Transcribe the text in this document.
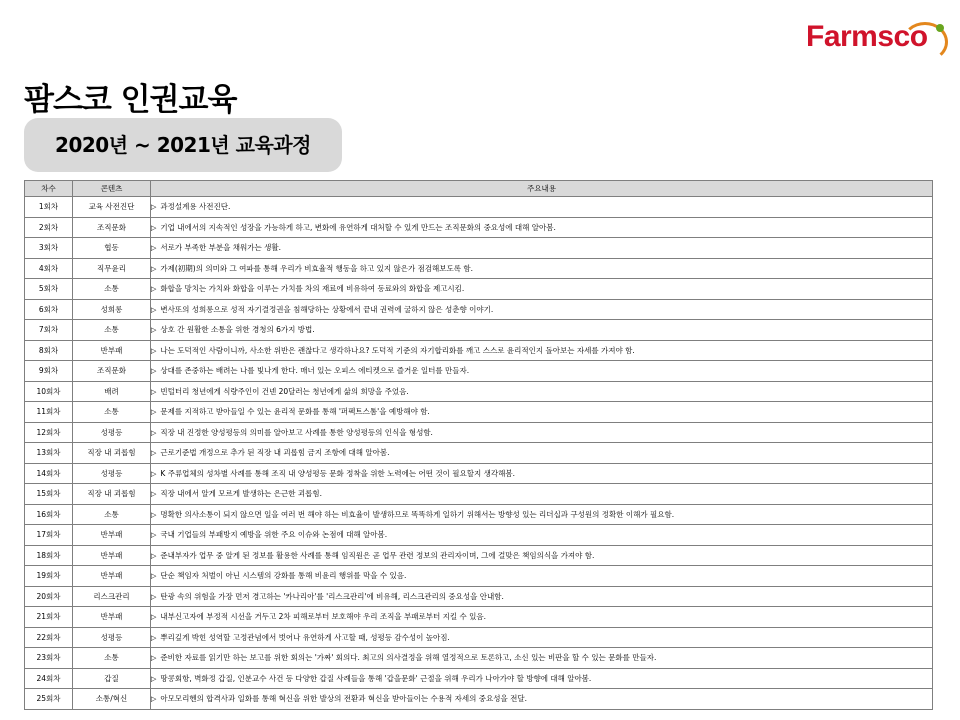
Farmsco
팜스코 인권교육
2020년 ~ 2021년 교육과정
차수	콘텐츠	주요내용
1회차	교육 사전진단	▷ 과정설계용 사전진단.
2회차	조직문화	▷ 기업 내에서의 지속적인 성장을 가능하게 하고, 변화에 유연하게 대처할 수 있게 만드는 조직문화의 중요성에 대해 알아봄.
3회차	협동	▷ 서로가 부족한 부분을 채워가는 생활.
4회차	직무윤리	▷ 가제(初期)의 의미와 그 여파를 통해 우리가 비효율적 행동을 하고 있지 않은가 점검해보도록 함.
5회차	소통	▷ 화합을 망치는 가치와 화합을 이루는 가치를 차의 재료에 비유하여 동료와의 화합을 제고시킴.
6회차	성희롱	▷ 변사또의 성희롱으로 성적 자기결정권을 침해당하는 상황에서 끝내 권력에 굴하지 않은 성춘향 이야기.
7회차	소통	▷ 상호 간 원활한 소통을 위한 경청의 6가지 방법.
8회차	반부패	▷ 나는 도덕적인 사람이니까, 사소한 위반은 괜찮다고 생각하나요? 도덕적 기준의 자기합리화를 깨고 스스로 윤리적인지 돌아보는 자세를 가져야 함.
9회차	조직문화	▷ 상대를 존중하는 배려는 나를 빛나게 한다. 매너 있는 오피스 에티켓으로 즐거운 일터를 만들자.
10회차	배려	▷ 빈털터리 청년에게 식량주인이 건넨 20달러는 청년에게 삶의 희망을 주었음.
11회차	소통	▷ 문제를 지적하고 받아들일 수 있는 윤리적 문화를 통해 '퍼펙트스톰'을 예방해야 함.
12회차	성평등	▷ 직장 내 진정한 양성평등의 의미를 알아보고 사례를 통한 양성평등의 인식을 형성함.
13회차	직장 내 괴롭힘	▷ 근로기준법 개정으로 추가 된 직장 내 괴롭힘 금지 조항에 대해 알아봄.
14회차	성평등	▷ K 주류업체의 성차별 사례를 통해 조직 내 양성평등 문화 정착을 위한 노력에는 어떤 것이 필요할지 생각해봄.
15회차	직장 내 괴롭힘	▷ 직장 내에서 알게 모르게 발생하는 은근한 괴롭힘.
16회차	소통	▷ 명확한 의사소통이 되지 않으면 일을 여러 번 해야 하는 비효율이 발생하므로 똑똑하게 일하기 위해서는 방향성 있는 리더십과 구성원의 정확한 이해가 필요함.
17회차	반부패	▷ 국내 기업들의 부패방지 예방을 위한 주요 이슈와 논점에 대해 알아봄.
18회차	반부패	▷ 준내부자가 업무 중 알게 된 정보를 활용한 사례를 통해 임직원은 곧 업무 관련 정보의 관리자이며, 그에 걸맞은 책임의식을 가져야 함.
19회차	반부패	▷ 단순 책임자 처벌이 아닌 시스템의 강화를 통해 비윤리 행위를 막을 수 있음.
20회차	리스크관리	▷ 탄광 속의 위험을 가장 먼저 경고하는 '카나리아'를 '리스크관리'에 비유해, 리스크관리의 중요성을 안내함.
21회차	반부패	▷ 내부신고자에 부정적 시선을 거두고 2차 피해로부터 보호해야 우리 조직을 부패로부터 지킬 수 있음.
22회차	성평등	▷ 뿌리깊게 박힌 성역할 고정관념에서 벗어나 유연하게 사고할 때, 성평등 감수성이 높아짐.
23회차	소통	▷ 준비한 자료를 읽기만 하는 보고를 위한 회의는 '가짜' 회의다. 최고의 의사결정을 위해 열정적으로 토론하고, 소신 있는 비판을 할 수 있는 문화를 만들자.
24회차	갑질	▷ 땅콩회항, 벽화정 갑질, 인분교수 사건 등 다양한 갑질 사례들을 통해 '갑을문화' 근절을 위해 우리가 나아가야 할 방향에 대해 알아봄.
25회차	소통/혁신	▷ 아모모리헨의 합격사과 일화를 통해 혁신을 위한 발상의 전환과 혁신을 받아들이는 수용적 자세의 중요성을 전달.
